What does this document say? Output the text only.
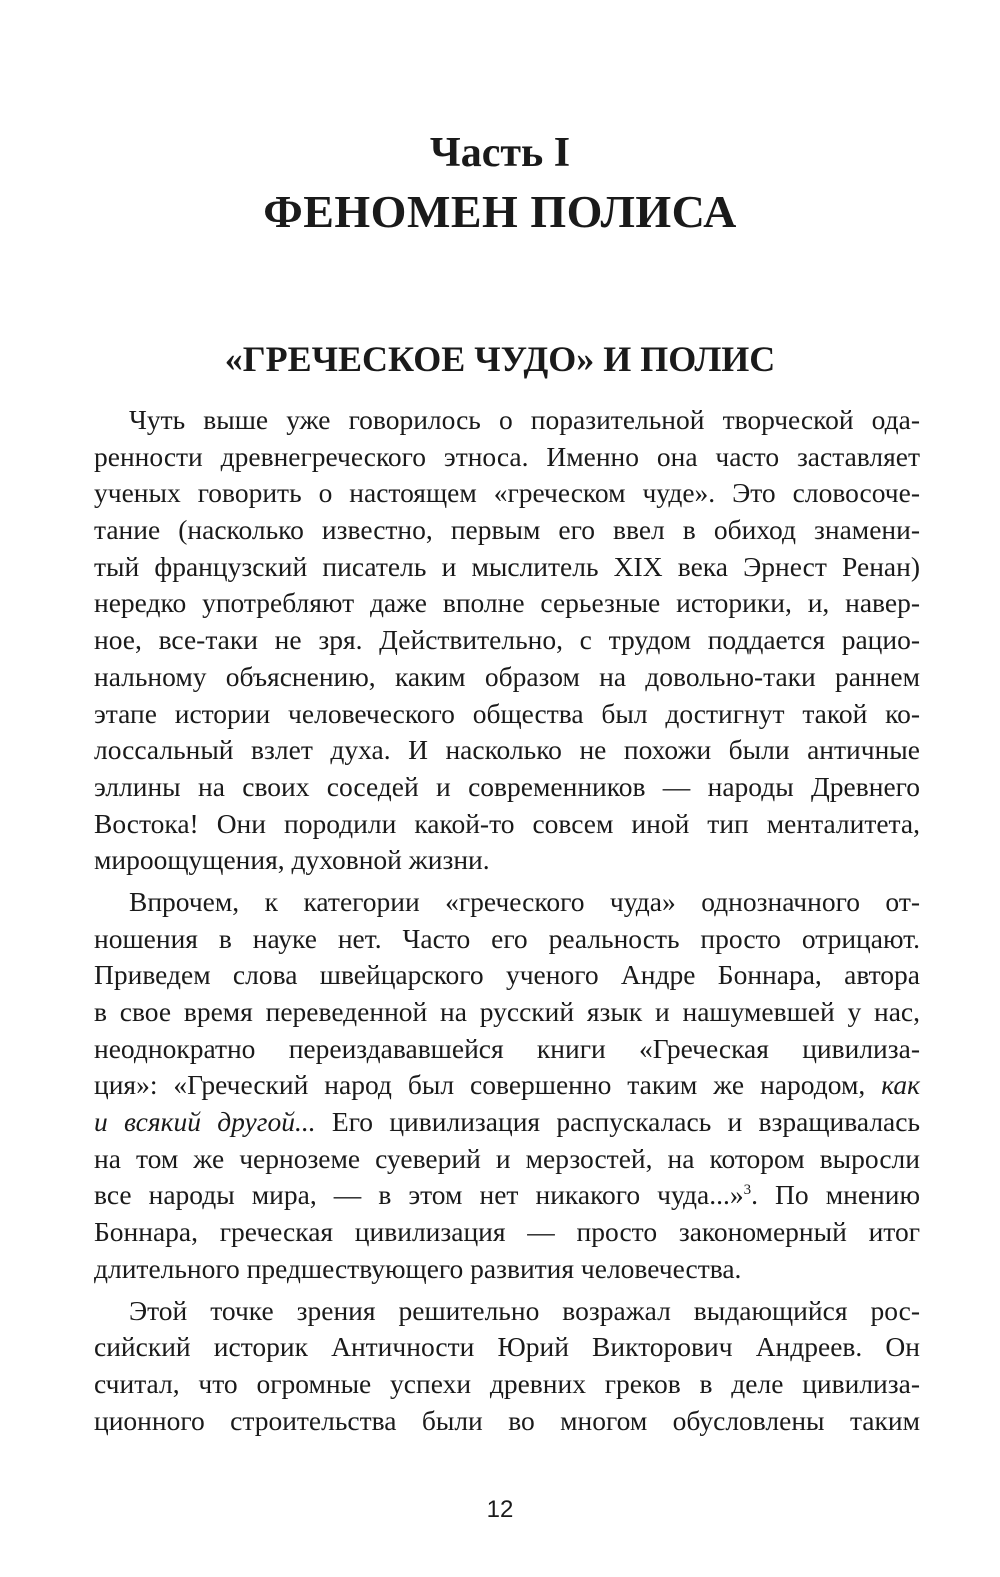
Часть I
ФЕНОМЕН ПОЛИСА
«ГРЕЧЕСКОЕ ЧУДО» И ПОЛИС
Чуть выше уже говорилось о поразительной творческой ода-
ренности древнегреческого этноса. Именно она часто заставляет
ученых говорить о настоящем «греческом чуде». Это словосоче-
тание (насколько известно, первым его ввел в обиход знамени-
тый французский писатель и мыслитель XIX века Эрнест Ренан)
нередко употребляют даже вполне серьезные историки, и, навер-
ное, все-таки не зря. Действительно, с трудом поддается рацио-
нальному объяснению, каким образом на довольно-таки раннем
этапе истории человеческого общества был достигнут такой ко-
лоссальный взлет духа. И насколько не похожи были античные
эллины на своих соседей и современников — народы Древнего
Востока! Они породили какой-то совсем иной тип менталитета,
мироощущения, духовной жизни.
Впрочем, к категории «греческого чуда» однозначного от-
ношения в науке нет. Часто его реальность просто отрицают.
Приведем слова швейцарского ученого Андре Боннара, автора
в свое время переведенной на русский язык и нашумевшей у нас,
неоднократно переиздававшейся книги «Греческая цивилиза-
ция»: «Греческий народ был совершенно таким же народом, как
и всякий другой... Его цивилизация распускалась и взращивалась
на том же черноземе суеверий и мерзостей, на котором выросли
все народы мира, — в этом нет никакого чуда...»$^3$. По мнению
Боннара, греческая цивилизация — просто закономерный итог
длительного предшествующего развития человечества.
Этой точке зрения решительно возражал выдающийся рос-
сийский историк Античности Юрий Викторович Андреев. Он
считал, что огромные успехи древних греков в деле цивилиза-
ционного строительства были во многом обусловлены таким
12
